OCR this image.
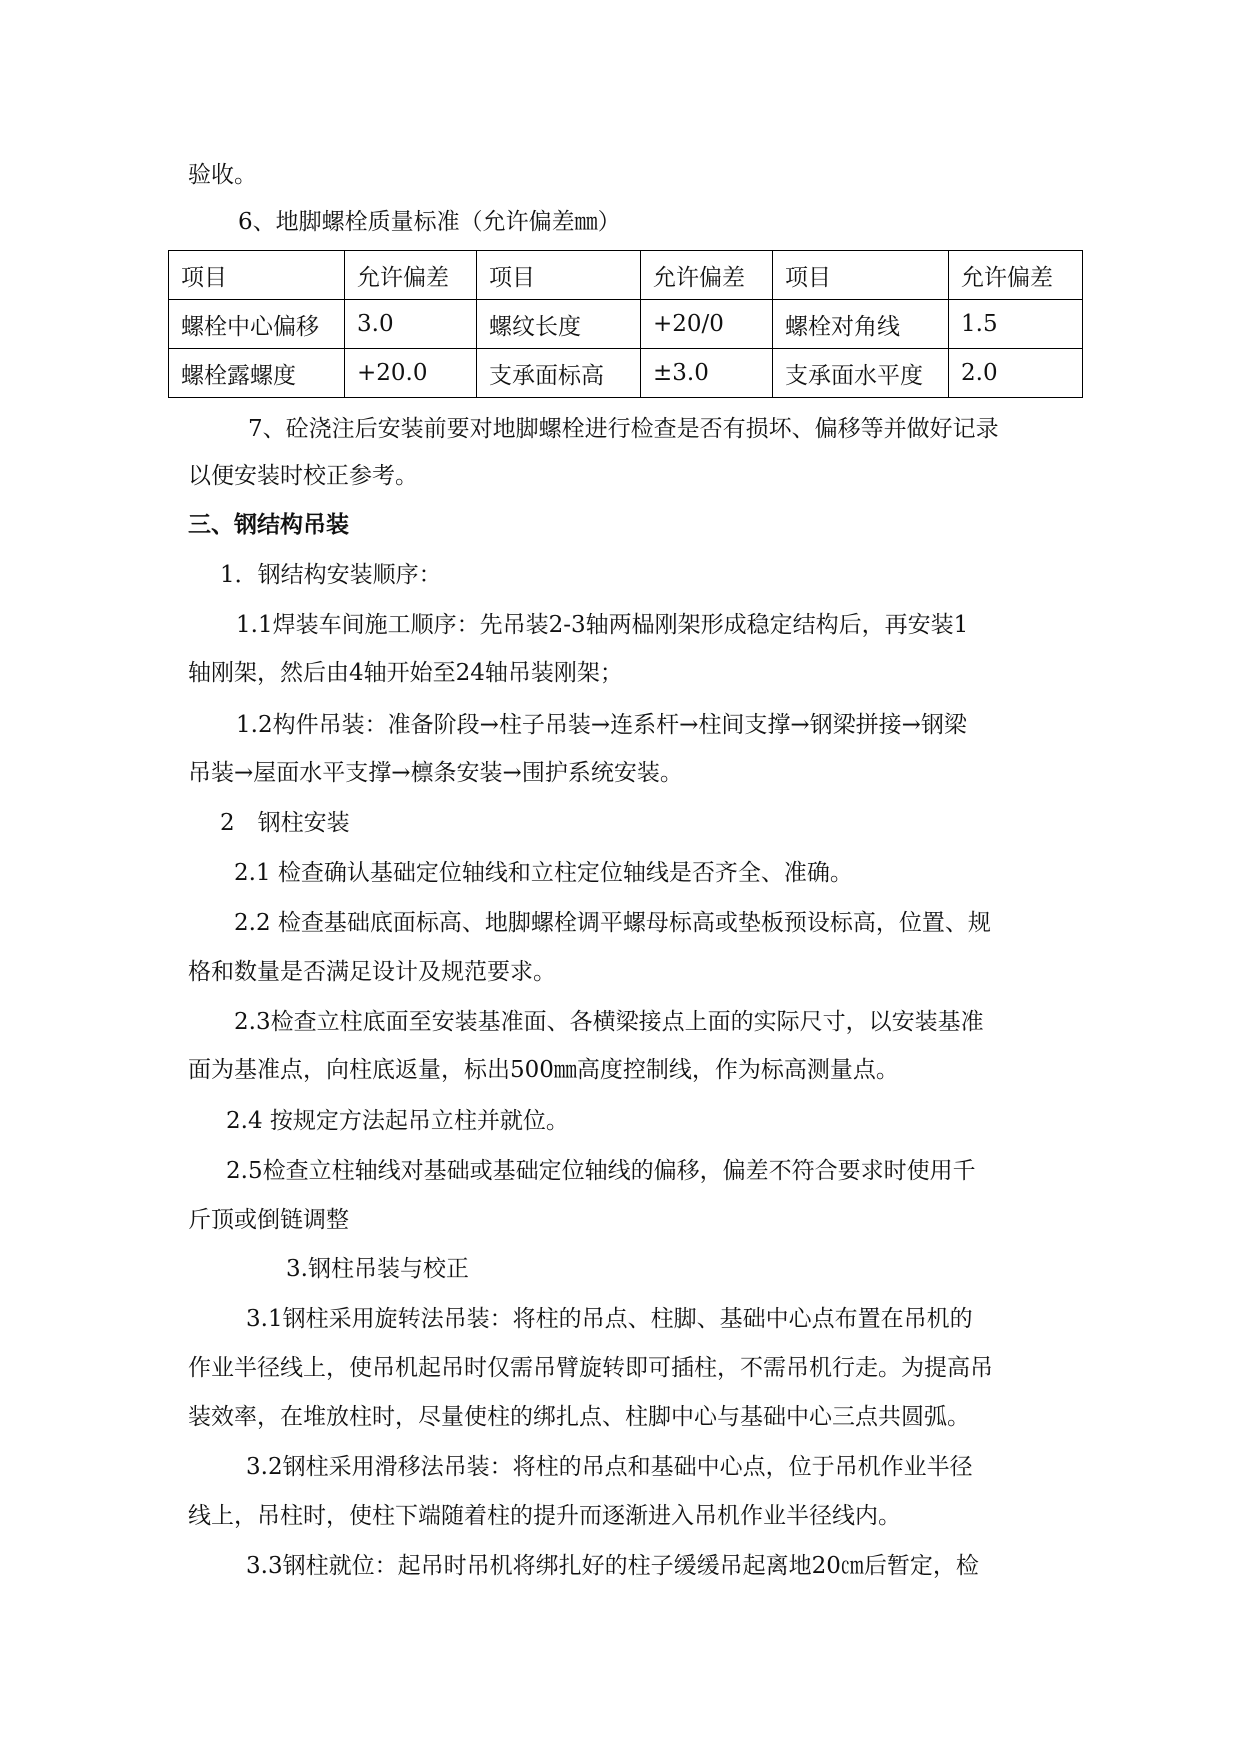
验收。
6、地脚螺栓质量标准（允许偏差㎜）
项目	允许偏差	项目	允许偏差	项目	允许偏差
螺栓中心偏移	3.0	螺纹长度	+20/0	螺栓对角线	1.5
螺栓露螺度	+20.0	支承面标高	±3.0	支承面水平度	2.0
7、砼浇注后安装前要对地脚螺栓进行检查是否有损坏、偏移等并做好记录
以便安装时校正参考。
三、钢结构吊装
1．钢结构安装顺序：
1.1焊装车间施工顺序：先吊装2-3轴两榀刚架形成稳定结构后，再安装1
轴刚架，然后由4轴开始至24轴吊装刚架；
1.2构件吊装：准备阶段→柱子吊装→连系杆→柱间支撑→钢梁拼接→钢梁
吊装→屋面水平支撑→檩条安装→围护系统安装。
2　钢柱安装
2.1 检查确认基础定位轴线和立柱定位轴线是否齐全、准确。
2.2 检查基础底面标高、地脚螺栓调平螺母标高或垫板预设标高，位置、规
格和数量是否满足设计及规范要求。
2.3检查立柱底面至安装基准面、各横梁接点上面的实际尺寸，以安装基准
面为基准点，向柱底返量，标出500㎜高度控制线，作为标高测量点。
2.4 按规定方法起吊立柱并就位。
2.5检查立柱轴线对基础或基础定位轴线的偏移，偏差不符合要求时使用千
斤顶或倒链调整
3.钢柱吊装与校正
3.1钢柱采用旋转法吊装：将柱的吊点、柱脚、基础中心点布置在吊机的
作业半径线上，使吊机起吊时仅需吊臂旋转即可插柱，不需吊机行走。为提高吊
装效率，在堆放柱时，尽量使柱的绑扎点、柱脚中心与基础中心三点共圆弧。
3.2钢柱采用滑移法吊装：将柱的吊点和基础中心点，位于吊机作业半径
线上，吊柱时，使柱下端随着柱的提升而逐渐进入吊机作业半径线内。
3.3钢柱就位：起吊时吊机将绑扎好的柱子缓缓吊起离地20㎝后暂定，检
